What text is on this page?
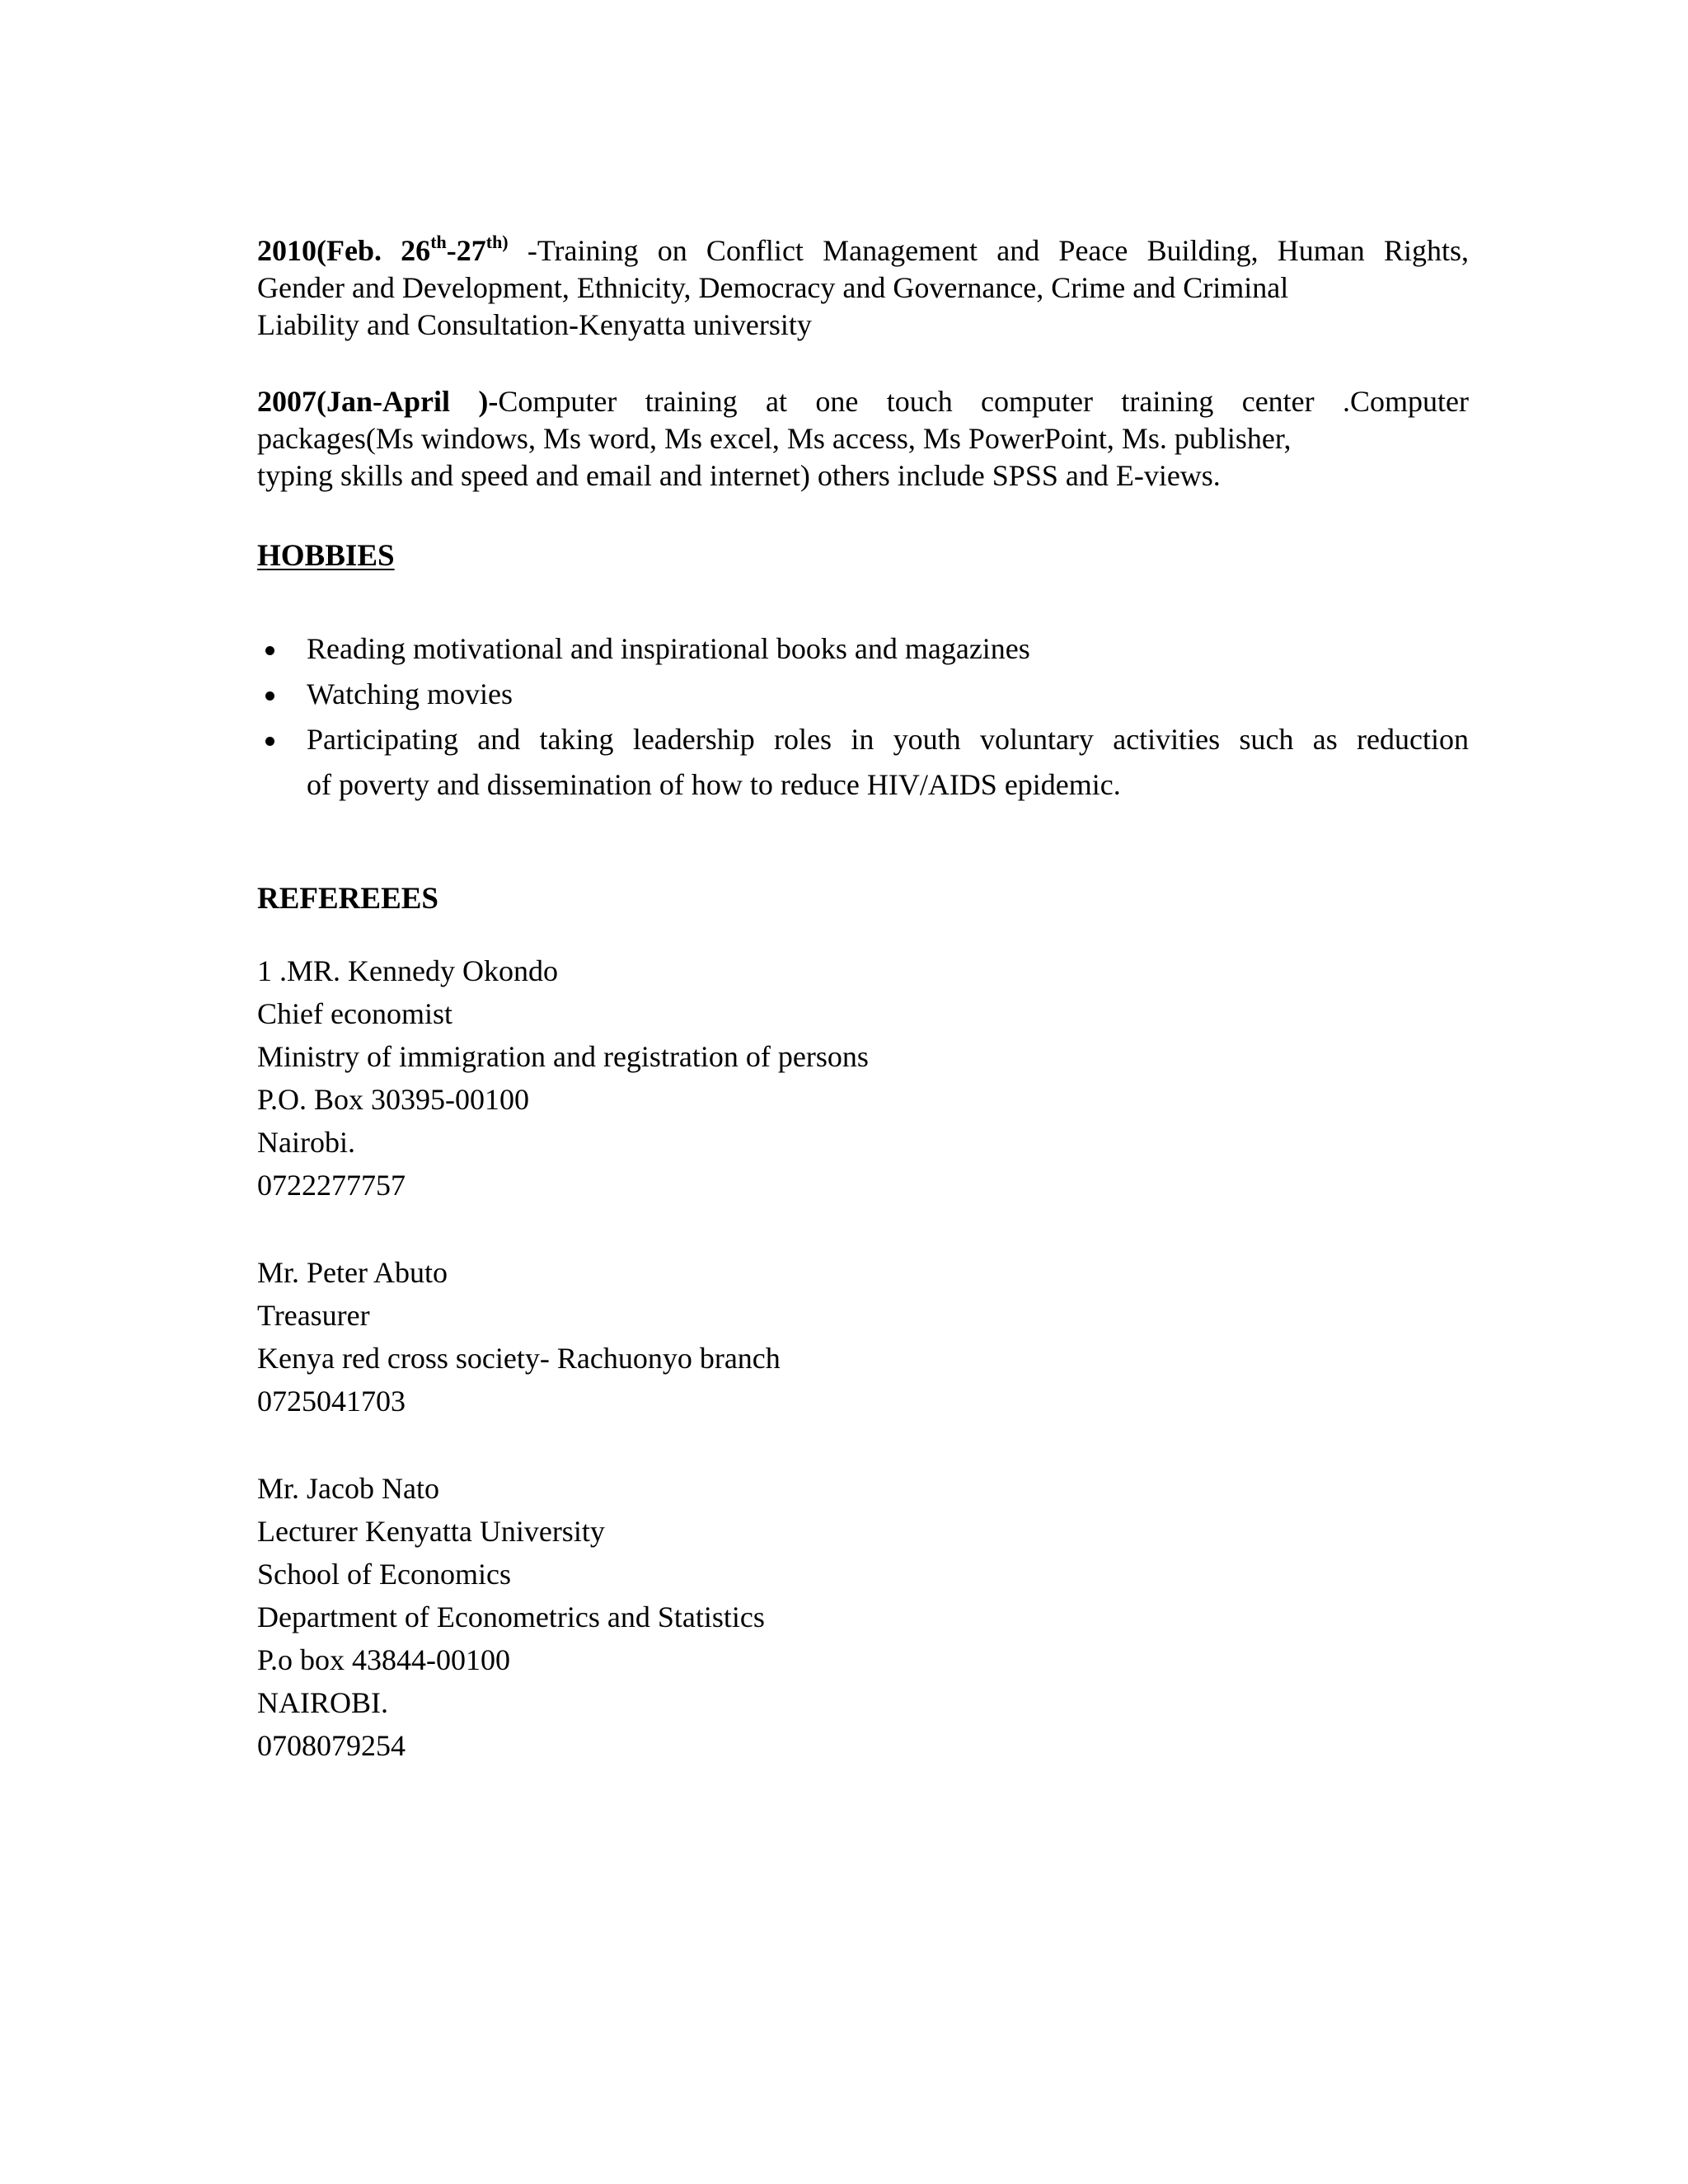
2010(Feb. $26th-27^{th)}$ -Training on Conflict Management and Peace Building, Human Rights,
Gender and Development, Ethnicity, Democracy and Governance, Crime and Criminal
Liability and Consultation-Kenyatta university
2007(Jan-April )-Computer training at one touch computer training center .Computer
packages(Ms windows, Ms word, Ms excel, Ms access, Ms PowerPoint, Ms. publisher,
typing skills and speed and email and internet) others include SPSS and E-views.
HOBBIES
Reading motivational and inspirational books and magazines
Watching movies
Participating and taking leadership roles in youth voluntary activities such as reduction
of poverty and dissemination of how to reduce HIV/AIDS epidemic.
REFEREEES
1 .MR. Kennedy Okondo
Chief economist
Ministry of immigration and registration of persons
P.O. Box 30395-00100
Nairobi.
0722277757
Mr. Peter Abuto
Treasurer
Kenya red cross society- Rachuonyo branch
0725041703
Mr. Jacob Nato
Lecturer Kenyatta University
School of Economics
Department of Econometrics and Statistics
P.o box 43844-00100
NAIROBI.
0708079254
